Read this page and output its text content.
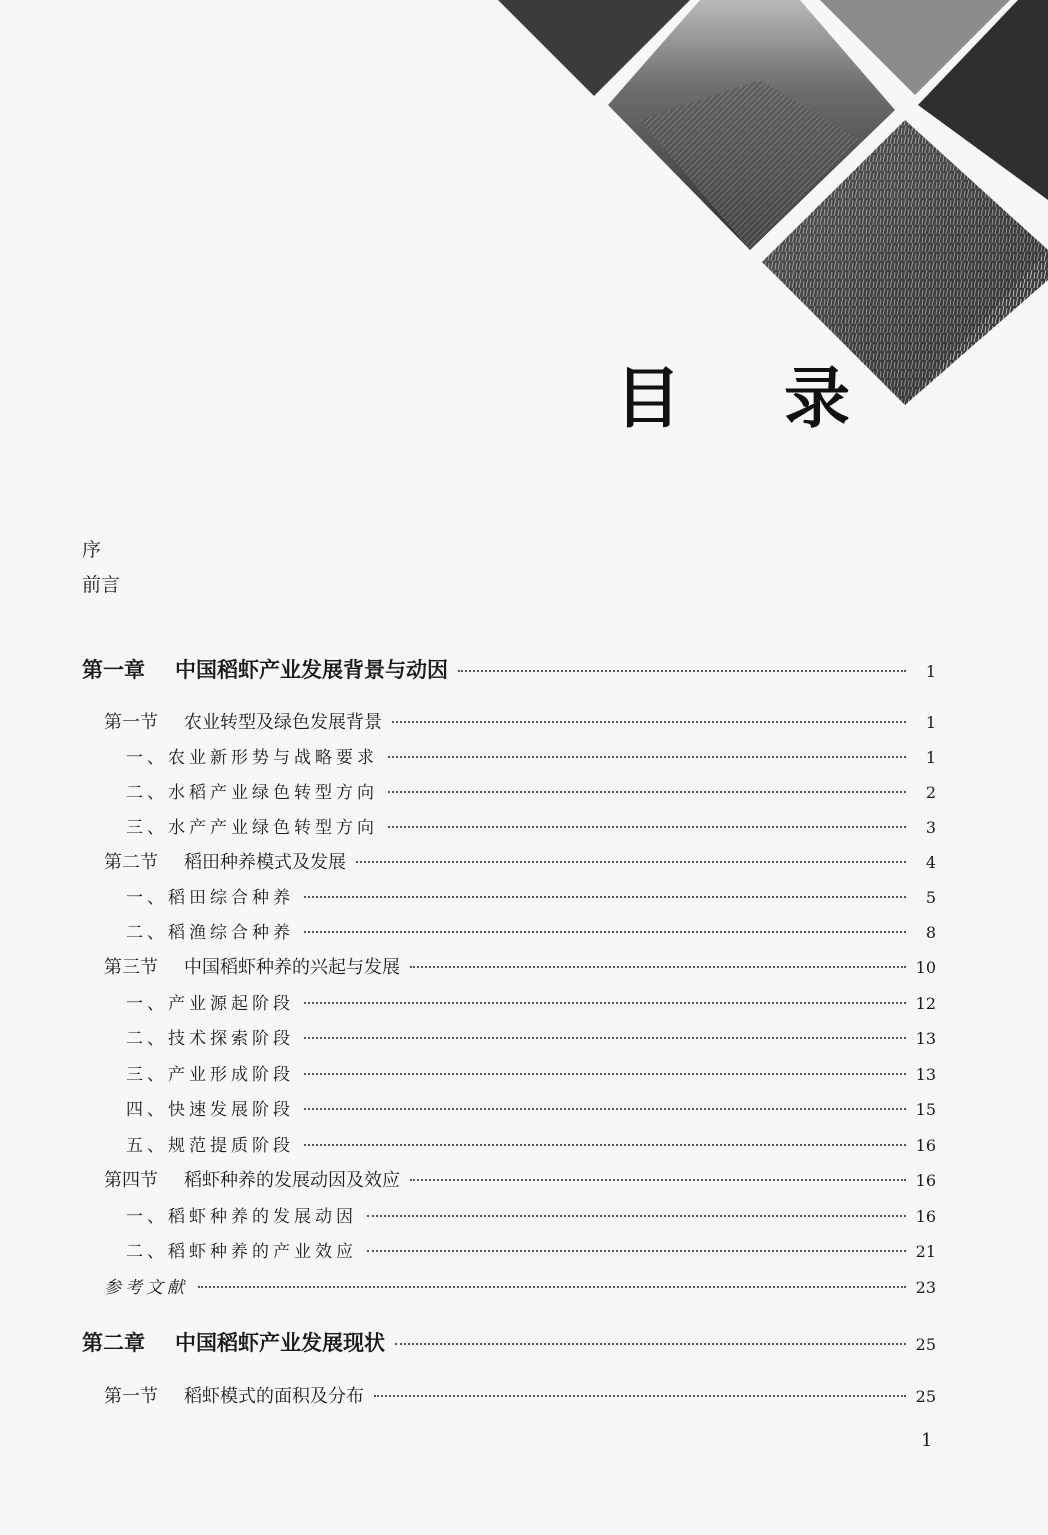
目 录
序
前言
第一章 中国稻虾产业发展背景与动因	1
第一节 农业转型及绿色发展背景	1
一、农业新形势与战略要求	1
二、水稻产业绿色转型方向	2
三、水产产业绿色转型方向	3
第二节 稻田种养模式及发展	4
一、稻田综合种养	5
二、稻渔综合种养	8
第三节 中国稻虾种养的兴起与发展	10
一、产业源起阶段	12
二、技术探索阶段	13
三、产业形成阶段	13
四、快速发展阶段	15
五、规范提质阶段	16
第四节 稻虾种养的发展动因及效应	16
一、稻虾种养的发展动因	16
二、稻虾种养的产业效应	21
参考文献	23
第二章 中国稻虾产业发展现状	25
第一节 稻虾模式的面积及分布	25
1
